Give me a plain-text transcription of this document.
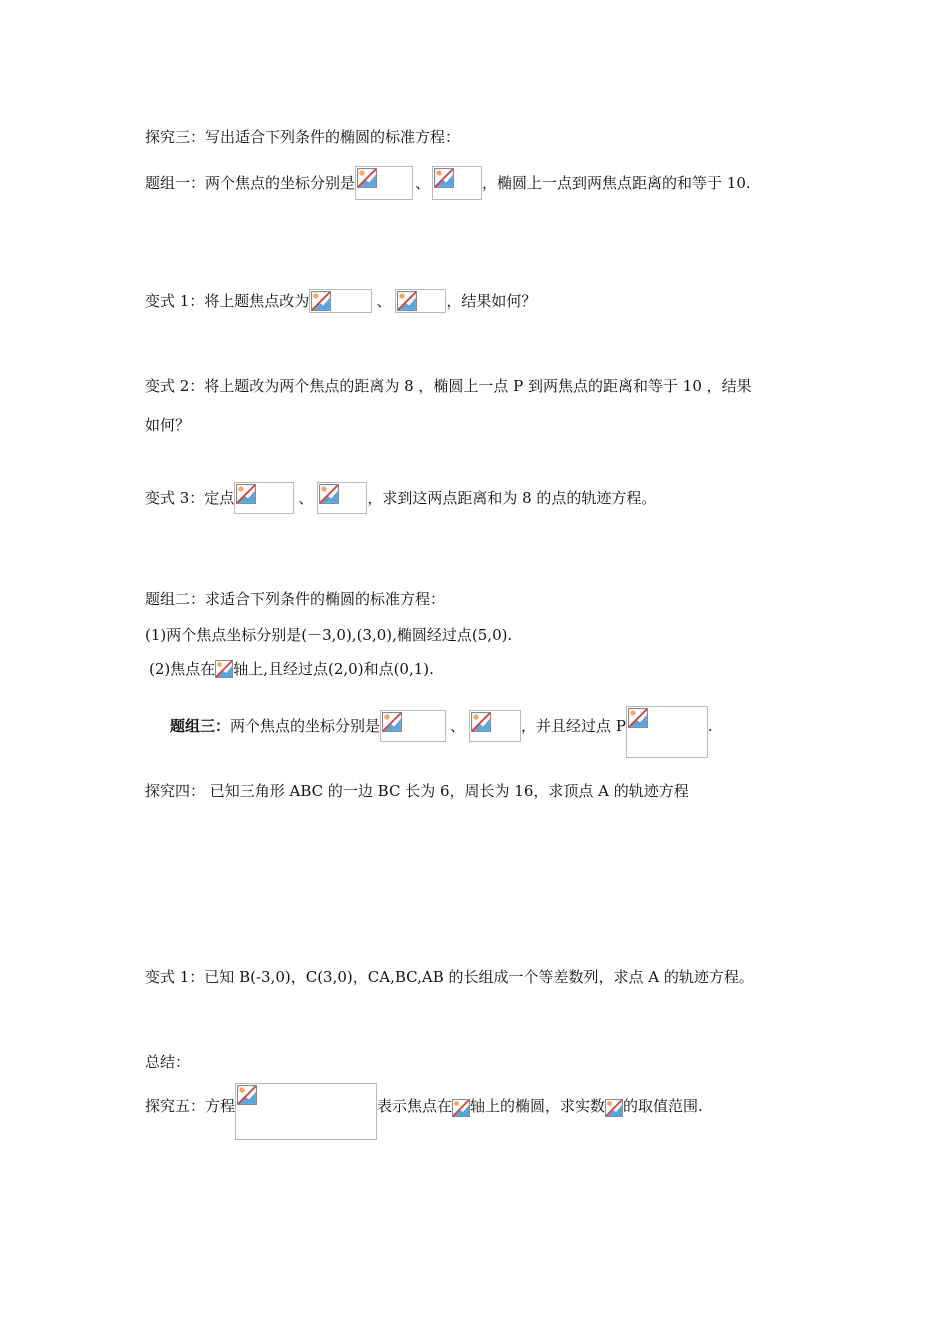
探究三：写出适合下列条件的椭圆的标准方程：
题组一：两个焦点的坐标分别是	、	，椭圆上一点到两焦点距离的和等于 10.
变式 1：将上题焦点改为	、	，结果如何？
变式 2：将上题改为两个焦点的距离为 8 ，椭圆上一点 P 到两焦点的距离和等于 10 ，结果
如何？
变式 3：定点	、	，求到这两点距离和为 8 的点的轨迹方程。
题组二：求适合下列条件的椭圆的标准方程：
(1)两个焦点坐标分别是(－3,0),(3,0),椭圆经过点(5,0).
(2)焦点在 轴上,且经过点(2,0)和点(0,1).
题组三：两个焦点的坐标分别是	、	，并且经过点 P	.
探究四： 已知三角形 ABC 的一边 BC 长为 6，周长为 16，求顶点 A 的轨迹方程
变式 1：已知 B(-3,0)，C(3,0)，CA,BC,AB 的长组成一个等差数列，求点 A 的轨迹方程。
总结：
探究五：方程	表示焦点在 轴上的椭圆，求实数 的取值范围.
